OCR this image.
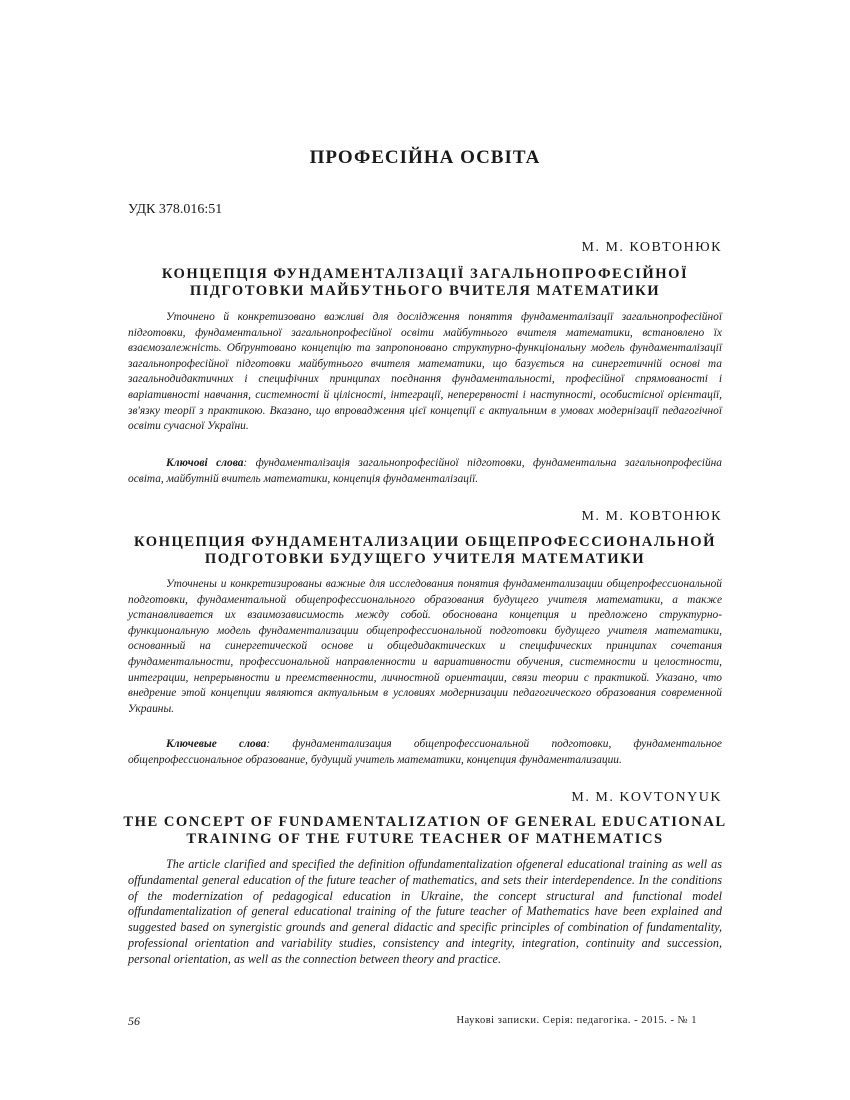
ПРОФЕСІЙНА ОСВІТА
УДК 378.016:51
М. М. КОВТОНЮК
КОНЦЕПЦІЯ ФУНДАМЕНТАЛІЗАЦІЇ ЗАГАЛЬНОПРОФЕСІЙНОЇ
ПІДГОТОВКИ МАЙБУТНЬОГО ВЧИТЕЛЯ МАТЕМАТИКИ

Уточнено й конкретизовано важливі для дослідження поняття фундаменталізації загальнопрофесійної підготовки, фундаментальної загальнопрофесійної освіти майбутнього вчителя математики, встановлено їх взаємозалежність. Обґрунтовано концепцію та запропоновано структурно-функціональну модель фундаменталізації загальнопрофесійної підготовки майбутнього вчителя математики, що базується на синергетичній основі та загальнодидактичних і специфічних принципах поєднання фундаментальності, професійної спрямованості і варіативності навчання, системності й цілісності, інтеграції, неперервності і наступності, особистісної орієнтації, зв'язку теорії з практикою. Вказано, що впровадження цієї концепції є актуальним в умовах модернізації педагогічної освіти сучасної України.

Ключові слова: фундаменталізація загальнопрофесійної підготовки, фундаментальна загальнопрофесійна освіта, майбутній вчитель математики, концепція фундаменталізації.

М. М. КОВТОНЮК
КОНЦЕПЦИЯ ФУНДАМЕНТАЛИЗАЦИИ ОБЩЕПРОФЕССИОНАЛЬНОЙ
ПОДГОТОВКИ БУДУЩЕГО УЧИТЕЛЯ МАТЕМАТИКИ

Уточнены и конкретизированы важные для исследования понятия фундаментализации общепрофессиональной подготовки, фундаментальной общепрофессионального образования будущего учителя математики, а также устанавливается их взаимозависимость между собой. обоснована концепция и предложено структурно-функциональную модель фундаментализации общепрофессиональной подготовки будущего учителя математики, основанный на синергетической основе и общедидактических и специфических принципах сочетания фундаментальности, профессиональной направленности и вариативности обучения, системности и целостности, интеграции, непрерывности и преемственности, личностной ориентации, связи теории с практикой. Указано, что внедрение этой концепции являются актуальным в условиях модернизации педагогического образования современной Украины.

Ключевые слова: фундаментализация общепрофессиональной подготовки, фундаментальное общепрофессиональное образование, будущий учитель математики, концепция фундаментализации.

M. M. KOVTONYUK
THE CONCEPT OF FUNDAMENTALIZATION OF GENERAL EDUCATIONAL
TRAINING OF THE FUTURE TEACHER OF MATHEMATICS

The article clarified and specified the definition offundamentalization ofgeneral educational training as well as offundamental general education of the future teacher of mathematics, and sets their interdependence. In the conditions of the modernization of pedagogical education in Ukraine, the concept structural and functional model offundamentalization of general educational training of the future teacher of Mathematics have been explained and suggested based on synergistic grounds and general didactic and specific principles of combination of fundamentality, professional orientation and variability studies, consistency and integrity, integration, continuity and succession, personal orientation, as well as the connection between theory and practice.

56	Наукові записки. Серія: педагогіка. - 2015. - № 1
